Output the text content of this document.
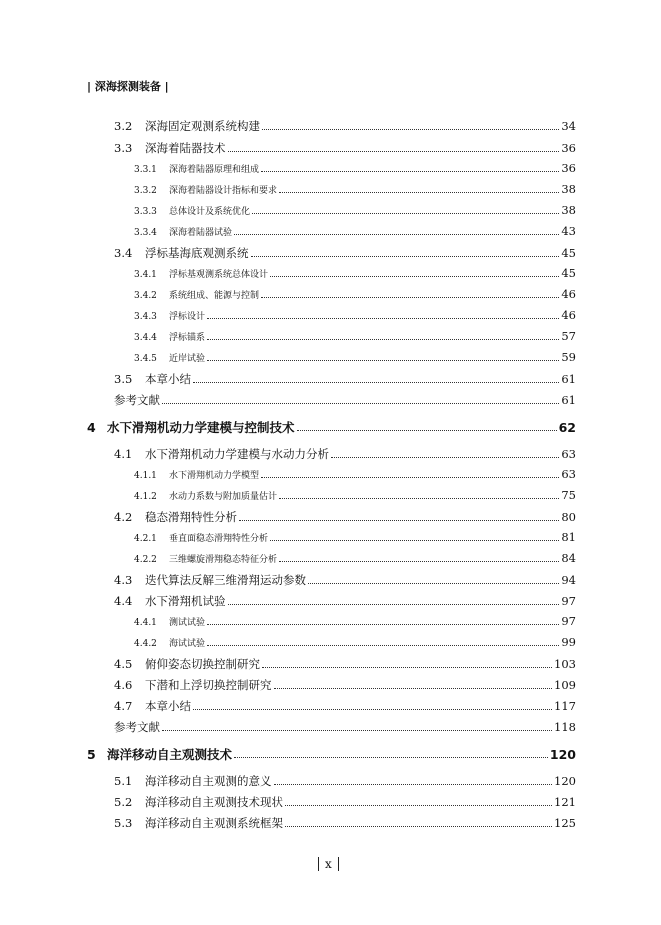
| 深海探测装备 |
3.2	深海固定观测系统构建	34
3.3	深海着陆器技术	36
3.3.1	深海着陆器原理和组成	36
3.3.2	深海着陆器设计指标和要求	38
3.3.3	总体设计及系统优化	38
3.3.4	深海着陆器试验	43
3.4	浮标基海底观测系统	45
3.4.1	浮标基观测系统总体设计	45
3.4.2	系统组成、能源与控制	46
3.4.3	浮标设计	46
3.4.4	浮标锚系	57
3.4.5	近岸试验	59
3.5	本章小结	61
参考文献	61
4 水下滑翔机动力学建模与控制技术	62
4.1	水下滑翔机动力学建模与水动力分析	63
4.1.1	水下滑翔机动力学模型	63
4.1.2	水动力系数与附加质量估计	75
4.2	稳态滑翔特性分析	80
4.2.1	垂直面稳态滑翔特性分析	81
4.2.2	三维螺旋滑翔稳态特征分析	84
4.3	迭代算法反解三维滑翔运动参数	94
4.4	水下滑翔机试验	97
4.4.1	测试试验	97
4.4.2	海试试验	99
4.5	俯仰姿态切换控制研究	103
4.6	下潜和上浮切换控制研究	109
4.7	本章小结	117
参考文献	118
5 海洋移动自主观测技术	120
5.1	海洋移动自主观测的意义	120
5.2	海洋移动自主观测技术现状	121
5.3	海洋移动自主观测系统框架	125
x
